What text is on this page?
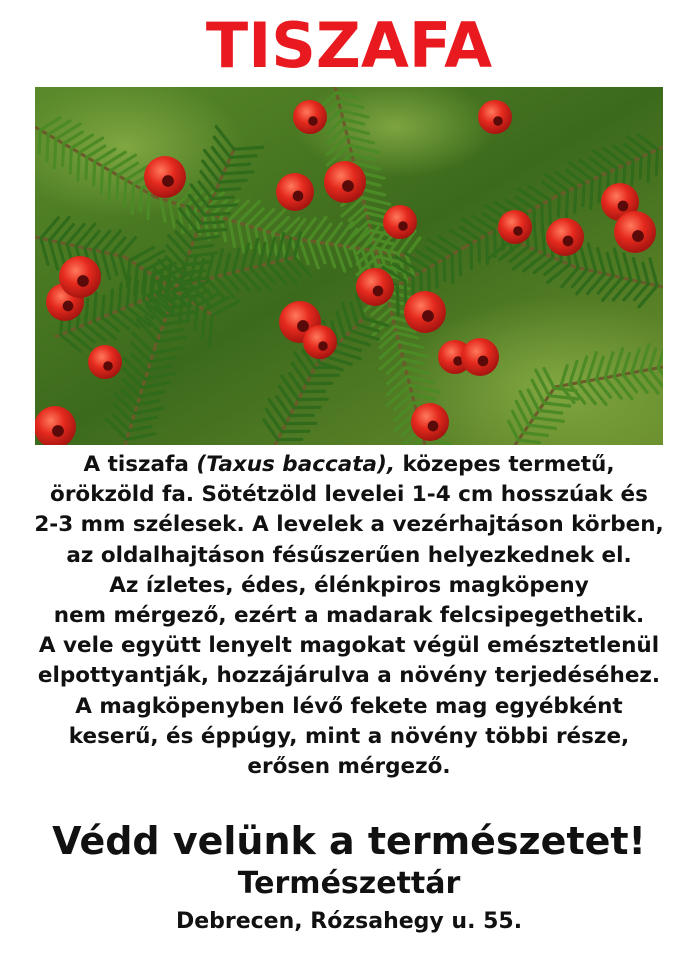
TISZAFA
A tiszafa (Taxus baccata), közepes termetű,
örökzöld fa. Sötétzöld levelei 1-4 cm hosszúak és
2-3 mm szélesek. A levelek a vezérhajtáson körben,
az oldalhajtáson fésűszerűen helyezkednek el.
Az ízletes, édes, élénkpiros magköpeny
nem mérgező, ezért a madarak felcsipegethetik.
A vele együtt lenyelt magokat végül emésztetlenül
elpottyantják, hozzájárulva a növény terjedéséhez.
A magköpenyben lévő fekete mag egyébként
keserű, és éppúgy, mint a növény többi része,
erősen mérgező.
Védd velünk a természetet!
Természettár
Debrecen, Rózsahegy u. 55.
